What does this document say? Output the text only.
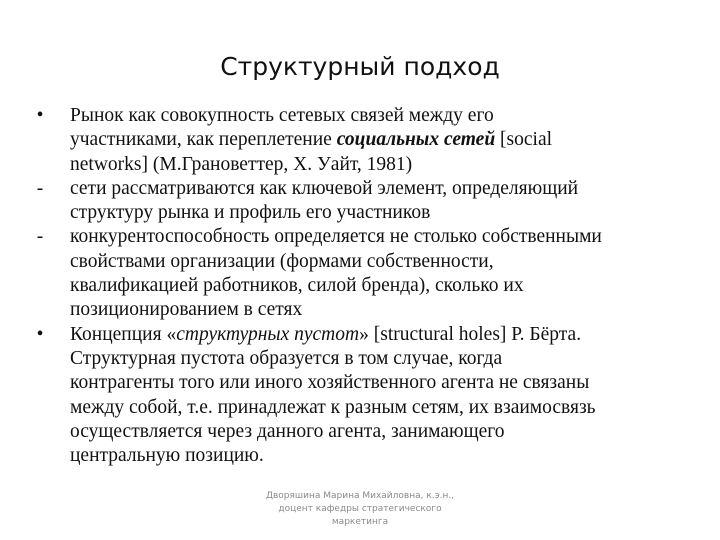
Структурный подход
•	Рынок как совокупность сетевых связей между его
участниками, как переплетение социальных сетей [social
networks] (М.Грановеттер, Х. Уайт, 1981)
-	сети рассматриваются как ключевой элемент, определяющий
структуру рынка и профиль его участников
-	конкурентоспособность определяется не столько собственными
свойствами организации (формами собственности,
квалификацией работников, силой бренда), сколько их
позиционированием в сетях
•	Концепция «структурных пустот» [structural holes] Р. Бёрта.
Структурная пустота образуется в том случае, когда
контрагенты того или иного хозяйственного агента не связаны
между собой, т.е. принадлежат к разным сетям, их взаимосвязь
осуществляется через данного агента, занимающего
центральную позицию.
Дворяшина Марина Михайловна, к.э.н.,
доцент кафедры стратегического
маркетинга
